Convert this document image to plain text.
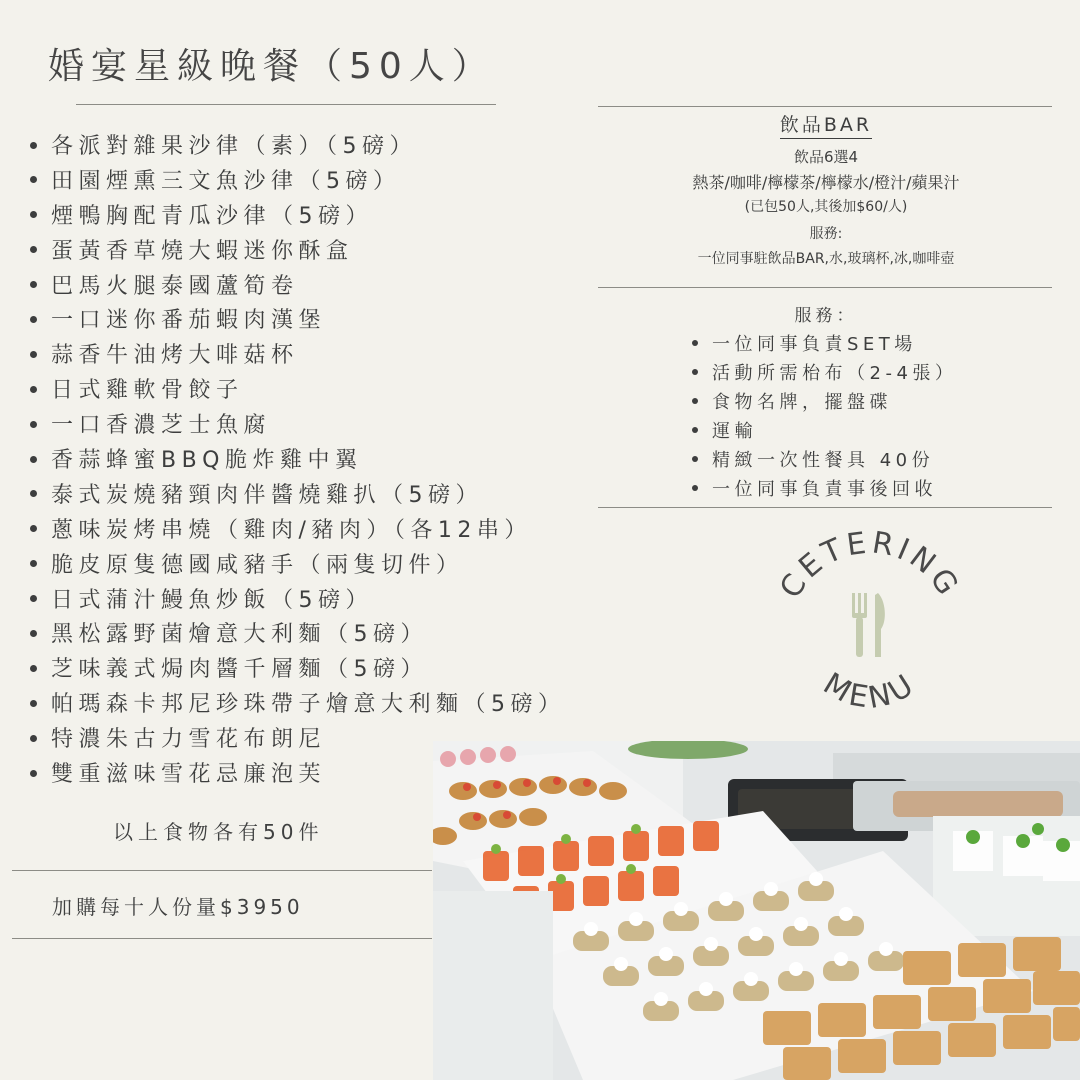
婚宴星級晚餐（50人）
各派對雜果沙律（素）（5磅）
田園煙熏三文魚沙律（5磅）
煙鴨胸配青瓜沙律（5磅）
蛋黃香草燒大蝦迷你酥盒
巴馬火腿泰國蘆筍卷
一口迷你番茄蝦肉漢堡
蒜香牛油烤大啡菇杯
日式雞軟骨餃子
一口香濃芝士魚腐
香蒜蜂蜜BBQ脆炸雞中翼
泰式炭燒豬頸肉伴醬燒雞扒（5磅）
蔥味炭烤串燒（雞肉/豬肉）（各12串）
脆皮原隻德國咸豬手（兩隻切件）
日式蒲汁鰻魚炒飯（5磅）
黑松露野菌燴意大利麵（5磅）
芝味義式焗肉醬千層麵（5磅）
帕瑪森卡邦尼珍珠帶子燴意大利麵（5磅）
特濃朱古力雪花布朗尼
雙重滋味雪花忌廉泡芙
以上食物各有50件
加購每十人份量$3950
飲品BAR
飲品6選4
熱茶/咖啡/檸檬茶/檸檬水/橙汁/蘋果汁
(已包50人,其後加$60/人)
服務:
一位同事駐飲品BAR,水,玻璃杯,冰,咖啡壺
服務：
一位同事負責SET場
活動所需枱布（2-4張）
食物名牌，擺盤碟
運輸
精緻一次性餐具 40份
一位同事負責事後回收
CETERING
MENU
